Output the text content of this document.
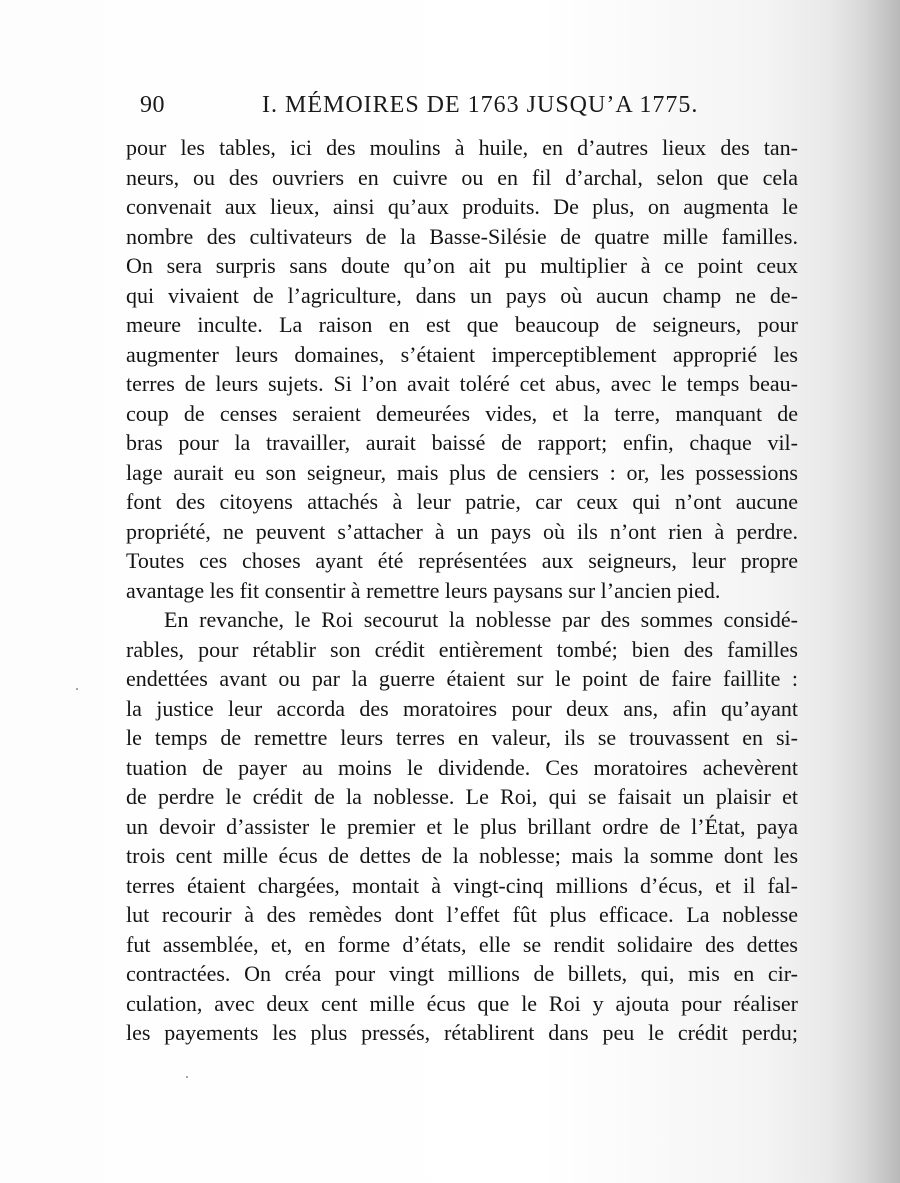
90	I. MÉMOIRES DE 1763 JUSQU’A 1775.
pour les tables, ici des moulins à huile, en d’autres lieux des tan-
neurs, ou des ouvriers en cuivre ou en fil d’archal, selon que cela
convenait aux lieux, ainsi qu’aux produits. De plus, on augmenta le
nombre des cultivateurs de la Basse-Silésie de quatre mille familles.
On sera surpris sans doute qu’on ait pu multiplier à ce point ceux
qui vivaient de l’agriculture, dans un pays où aucun champ ne de-
meure inculte. La raison en est que beaucoup de seigneurs, pour
augmenter leurs domaines, s’étaient imperceptiblement approprié les
terres de leurs sujets. Si l’on avait toléré cet abus, avec le temps beau-
coup de censes seraient demeurées vides, et la terre, manquant de
bras pour la travailler, aurait baissé de rapport; enfin, chaque vil-
lage aurait eu son seigneur, mais plus de censiers : or, les possessions
font des citoyens attachés à leur patrie, car ceux qui n’ont aucune
propriété, ne peuvent s’attacher à un pays où ils n’ont rien à perdre.
Toutes ces choses ayant été représentées aux seigneurs, leur propre
avantage les fit consentir à remettre leurs paysans sur l’ancien pied.
En revanche, le Roi secourut la noblesse par des sommes considé-
rables, pour rétablir son crédit entièrement tombé; bien des familles
endettées avant ou par la guerre étaient sur le point de faire faillite :
la justice leur accorda des moratoires pour deux ans, afin qu’ayant
le temps de remettre leurs terres en valeur, ils se trouvassent en si-
tuation de payer au moins le dividende. Ces moratoires achevèrent
de perdre le crédit de la noblesse. Le Roi, qui se faisait un plaisir et
un devoir d’assister le premier et le plus brillant ordre de l’État, paya
trois cent mille écus de dettes de la noblesse; mais la somme dont les
terres étaient chargées, montait à vingt-cinq millions d’écus, et il fal-
lut recourir à des remèdes dont l’effet fût plus efficace. La noblesse
fut assemblée, et, en forme d’états, elle se rendit solidaire des dettes
contractées. On créa pour vingt millions de billets, qui, mis en cir-
culation, avec deux cent mille écus que le Roi y ajouta pour réaliser
les payements les plus pressés, rétablirent dans peu le crédit perdu;
